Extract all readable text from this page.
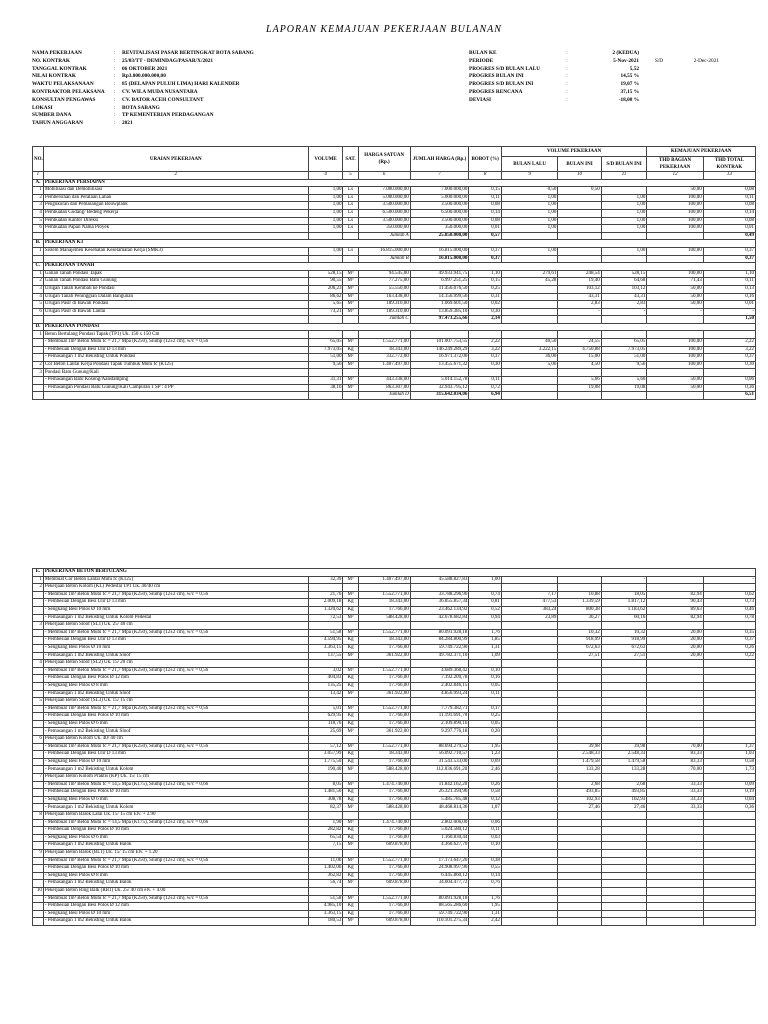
LAPORAN KEMAJUAN PEKERJAAN BULANAN
NAMA PEKERJAAN	:	REVITALISASI PASAR BERTINGKAT BOTA SABANG
NO. KONTRAK	:	25/03/TT - DEMINDAG/PASAR/X/2021
TANGGAL KONTRAK	:	06 OKTOBER 2021
NILAI KONTRAK	:	Rp3.000.000.000,00
WAKTU PELAKSANAAN	:	85 (DELAPAN PULUH LIMA) HARI KALENDER
KONTRAKTOR PELAKSANA	:	CV. WILA MUDA NUSANTARA
KONSULTAN PENGAWAS	:	CV. BATOR ACEH CONSULTANT
LOKASI	:	BOTA SABANG
SUMBER DANA	:	TP KEMENTERIAN PERDAGANGAN
TAHUN ANGGARAN	:	2021
BULAN KE	:	2 (KEDUA)
PERIODE	:	5-Nov-2021	S/D	2-Dec-2021
PROGRES S/D BULAN LALU	:	5,52
PROGRES BULAN INI	:	14,55 %
PROGRES S/D BULAN INI	:	19,07 %
PROGRES RENCANA	:	37,15 %
DEVIASI	:	-18,08 %
NO.	URAIAN PEKERJAAN	VOLUME	SAT.	HARGA SATUAN (Rp.)	JUMLAH HARGA (Rp.)	BOBOT (%)	VOLUME PEKERJAAN			KEMAJUAN PEKERJAAN	
							BULAN LALU	BULAN INI	S/D BULAN INI	THD BAGIAN PEKERJAAN	THD TOTAL KONTRAK
1	2	4	5	6	7	8	9	10	11	12	13
A.	PEKERJAAN PERSIAPAN										
1	Mobilisasi dan Demobilisasi	1,00	Ls	7.000.000,00	7.000.000,00	0,15	0,50	0,50		50,00	0,08
2	Pembersihan dan Perataan Lahan	1,00	Ls	5.000.000,00	5.000.000,00	0,11	1,00		1,00	100,00	0,11
3	Pengukuran dan Pemasangan Bouwplank	1,00	Ls	3.500.000,00	3.500.000,00	0,08	1,00		1,00	100,00	0,08
4	Pembuatan Gudang/ Bedeng Pekerja	1,00	Ls	6.500.000,00	6.500.000,00	0,14	1,00		1,00	100,00	0,14
5	Pembuatan Kantor Direksi	1,00	Ls	3.500.000,00	3.500.000,00	0,08	1,00		1,00	100,00	0,08
6	Pembuatan Papan Nama Proyek	1,00	Ls	350.000,00	350.000,00	0,01	1,00		1,00	100,00	0,01
				Jumlah A	25.850.000,00	0,57					0,49
B.	PEKERJAAN K3										
1	Sistem Manajemen Kesehatan Keselamatan Kerja (SMK3)	1,00	Ls	16.815.000,00	16.815.000,00	0,37	1,00		1,00	100,00	0,37
				Jumlah B	16.815.000,00	0,37					0,37
C.	PEKERJAAN TANAH										
1	Galian Tanah Pondasi Tapak	528,15	M³	94.545,00	49.933.941,75	1,10	279,61	248,54	528,15	100,00	1,10
2	Galian Tanah Pondasi Batu Gunung	90,55	M³	77.275,00	6.997.251,25	0,15	45,28	19,40	64,68	71,43	0,11
3	Urugan Tanah Kembali ke Pondasi	206,23	M³	55.550,00	11.456.076,50	0,25		103,12	103,12	50,00	0,13
4	Urugan Tanah Peninggian Dalam Bangunan	86,62	M³	163.438,00	14.156.999,56	0,31		43,31	43,31	50,00	0,16
5	Urugan Pasir di Bawah Pondasi	5,65	M³	189.310,00	1.069.601,50	0,02		2,83	2,83	50,00	0,01
6	Urugan Pasir di Bawah Lantai	73,21	M³	189.310,00	13.859.385,10	0,30		-	-	-	-
				Jumlah C	97.473.255,66	2,14					1,50
D.	PEKERJAAN PONDASI										
1	Beton Bertulang Pondasi Tapak (TP1) Uk. 150 x 150 Cm										
	- Membuat 1m³ Beton Mutu fc = 21,7 Mpa (K250), Slump (12±2 cm), w/c = 0,56	65,05	M³	1.552.771,00	101.007.753,55	2,22	40,50	24,55	65,05	100,00	2,22
	- Pembesian Dengan Besi Ulir D 13 mm	7.973,05	Kg	18.343,00	146.249.289,29	3,22	3.222,15	4.750,88	7.973,05	100,00	3,22
	- Pemasangan 1 m2 Bekisting Untuk Pondasi	51,00	M²	332.772,00	16.971.372,00	0,37	36,00	15,00	51,00	100,00	0,37
2	Cor Beton Lantai Kerja Pondasi Tapak Tumbuk Mutu fc (K125)	9,56	M³	1.407.497,00	13.455.671,32	0,30	5,06	4,50	9,56	100,00	0,30
3	Pondasi Batu Gunung/Kali										
	- Pemasangan Batu Kosong/Aanstamping	31,31	M³	443.338,00	5.014.152,78	0,11		5,66	5,66	50,00	0,06
	- Pemasangan Pondasi Batu Gunung/Kali Campuran 1 SP : 4 PP	38,16	M³	863.307,00	32.943.795,12	0,72		19,08	19,08	50,00	0,36
				Jumlah D	315.642.034,06	6,94					6,51
E.	PEKERJAAN BETON BERTULANG										
1	Membuat Cor Beton Lantai Mutu fc (K125)	32,39	M³	1.407.497,00	45.588.827,83	1,00			-		-
2	Pekerjaan Beton Kolom (KL) Pedestal TP1 Uk. 40/40 cm										
	- Membuat 1m³ Beton Mutu fc = 21,7 Mpa (K250), Slump (12±2 cm), w/c = 0,56	21,76	M³	1.552.771,00	33.788.296,96	0,74	7,17	10,88	18,05	82,94	0,62
	- Pembesian Dengan Besi Ulir D 13 mm	2.009,18	Kg	18.343,00	36.855.857,34	0,81	477,53	1.339,59	1.817,12	90,43	0,73
	- Sengkang Besi Polos Ø 10 mm	1.320,62	Kg	17.766,00	23.462.134,92	0,52	383,24	800,38	1.183,62	89,63	0,46
	- Pemasangan 1 m2 Bekisting Untuk Kolom Pedestal	72,53	M²	588.428,00	42.678.682,84	0,94	23,89	36,27	60,16	82,94	0,78
3	Pekerjaan Beton Sloof (SL1) Uk. 25/ 40 cm										
	- Membuat 1m³ Beton Mutu fc = 21,7 Mpa (K250), Slump (12±2 cm), w/c = 0,56	51,58	M³	1.552.771,00	80.091.928,18	1,76		10,32	10,32	20,00	0,35
	- Pembesian Dengan Besi Ulir D 13 mm	4.594,95	Kg	18.343,00	84.284.800,99	1,85		918,99	918,99	20,00	0,37
	- Sengkang Besi Polos Ø 10 mm	3.363,15	Kg	17.766,00	59.749.722,90	1,31		672,63	672,63	20,00	0,26
	- Pemasangan 1 m2 Bekisting Untuk Sloof	137,55	M²	361.922,00	49.782.371,10	1,09		27,51	27,51	20,00	0,22
4	Pekerjaan Beton Sloof (SL2) Uk. 15/ 20 cm										
	- Membuat 1m³ Beton Mutu fc = 21,7 Mpa (K250), Slump (12±2 cm), w/c = 0,56	3,02	M³	1.552.771,00	4.689.368,42	0,10					
	- Pembesian Dengan Besi Polos Ø 12 mm	404,83	Kg	17.766,00	7.192.209,78	0,16					
	- Sengkang Besi Polos Ø 8 mm	135,25	Kg	17.766,00	2.402.846,15	0,05					
	- Pemasangan 1 m2 Bekisting Untuk Sloof	13,42	M²	361.922,00	4.856.993,24	0,11					
5	Pekerjaan Beton Sloof (SL3) Uk. 15/ 15 cm										
	- Membuat 1m³ Beton Mutu fc = 21,7 Mpa (K250), Slump (12±2 cm), w/c = 0,56	5,01	M³	1.552.771,00	7.779.382,71	0,17					
	- Pembesian Dengan Besi Polos Ø 10 mm	629,95	Kg	17.766,00	11.191.691,70	0,25					
	- Sengkang Besi Polos Ø 6 mm	118,76	Kg	17.766,00	2.109.890,16	0,05					
	- Pemasangan 1 m2 Bekisting Untuk Sloof	25,69	M²	361.922,00	9.297.776,18	0,20					
6	Pekerjaan Beton Kolom Uk. 40/ 40 cm										
	- Membuat 1m³ Beton Mutu fc = 21,7 Mpa (K250), Slump (12±2 cm), w/c = 0,56	57,12	M³	1.552.771,00	88.694.279,52	1,95		39,98	39,98	70,00	1,37
	- Pembesian Dengan Besi Ulir D 13 mm	3.057,99	Kg	18.343,00	56.092.710,57	1,23		2.548,33	2.548,33	83,33	1,03
	- Sengkang Besi Polos Ø 10 mm	1.775,50	Kg	17.766,00	31.543.533,00	0,69		1.479,58	1.479,58	83,33	0,58
	- Pemasangan 1 m2 Bekisting Untuk Kolom	190,40	M²	588.428,00	112.036.691,20	2,46		133,28	133,28	70,00	1,73
7	Pekerjaan Beton Kolom Praktis (KP) Uk. 15/ 15 cm										
	- Membuat 1m³ Beton Mutu fc = 14,5 Mpa (K175), Slump (12±2 cm), w/c = 0,66	8,05	M³	1.474.740,00	11.842.162,20	0,26		2,68	2,68	33,33	0,09
	- Pembesian Dengan Besi Polos Ø 10 mm	1.481,56	Kg	17.766,00	26.321.394,96	0,58		493,85	493,85	33,33	0,19
	- Sengkang Besi Polos Ø 6 mm	308,78	Kg	17.766,00	5.485.785,48	0,12		102,93	102,93	33,33	0,04
	- Pemasangan 1 m2 Bekisting Untuk Kolom	82,37	M²	588.428,00	48.468.814,36	1,07		27,46	27,46	33,33	0,36
8	Pekerjaan Beton Balok Latai Uk. 15/ 15 cm Elv. + 2.90										
	- Membuat 1m³ Beton Mutu fc = 14,5 Mpa (K175), Slump (12±2 cm), w/c = 0,66	1,90	M³	1.474.740,00	2.802.006,00	0,06					
	- Pembesian Dengan Besi Polos Ø 10 mm	282,82	Kg	17.766,00	5.024.580,12	0,11					
	- Sengkang Besi Polos Ø 6 mm	65,54	Kg	17.766,00	1.160.830,44	0,03					
	- Pemasangan 1 m2 Bekisting Untuk Balok	7,15	M²	609.878,00	4.360.627,70	0,10					
9	Pekerjaan Beton Balok (BL1) Uk. 15/ 15 cm Elv. + 1.20										
	- Membuat 1m³ Beton Mutu fc = 21,7 Mpa (K250), Slump (12±2 cm), w/c = 0,56	11,06	M³	1.552.771,00	17.173.647,26	0,38					
	- Pembesian Dengan Besi Polos Ø 10 mm	1.402,06	Kg	17.766,00	24.908.997,96	0,55					
	- Sengkang Besi Polos Ø 8 mm	362,82	Kg	17.766,00	6.445.860,12	0,14					
	- Pemasangan 1 m2 Bekisting Untuk Balok	56,74	M²	609.878,00	34.604.477,72	0,76					
10	Pekerjaan Beton Ring Balk (RB1) Uk. 25/ 40 cm elv. + 4.00										
	- Membuat 1m³ Beton Mutu fc = 21,7 Mpa (K250), Slump (12±2 cm), w/c = 0,56	51,58	M³	1.552.771,00	80.091.928,18	1,76					
	- Pembesian Dengan Besi Polos Ø 12 mm	4.985,10	Kg	17.766,00	88.565.286,60	1,95					
	- Sengkang Besi Polos Ø 10 mm	3.363,15	Kg	17.766,00	59.749.722,90	1,31					
	- Pemasangan 1 m2 Bekisting Untuk Balok	180,53	M²	609.878,00	110.101.275,34	2,42					
